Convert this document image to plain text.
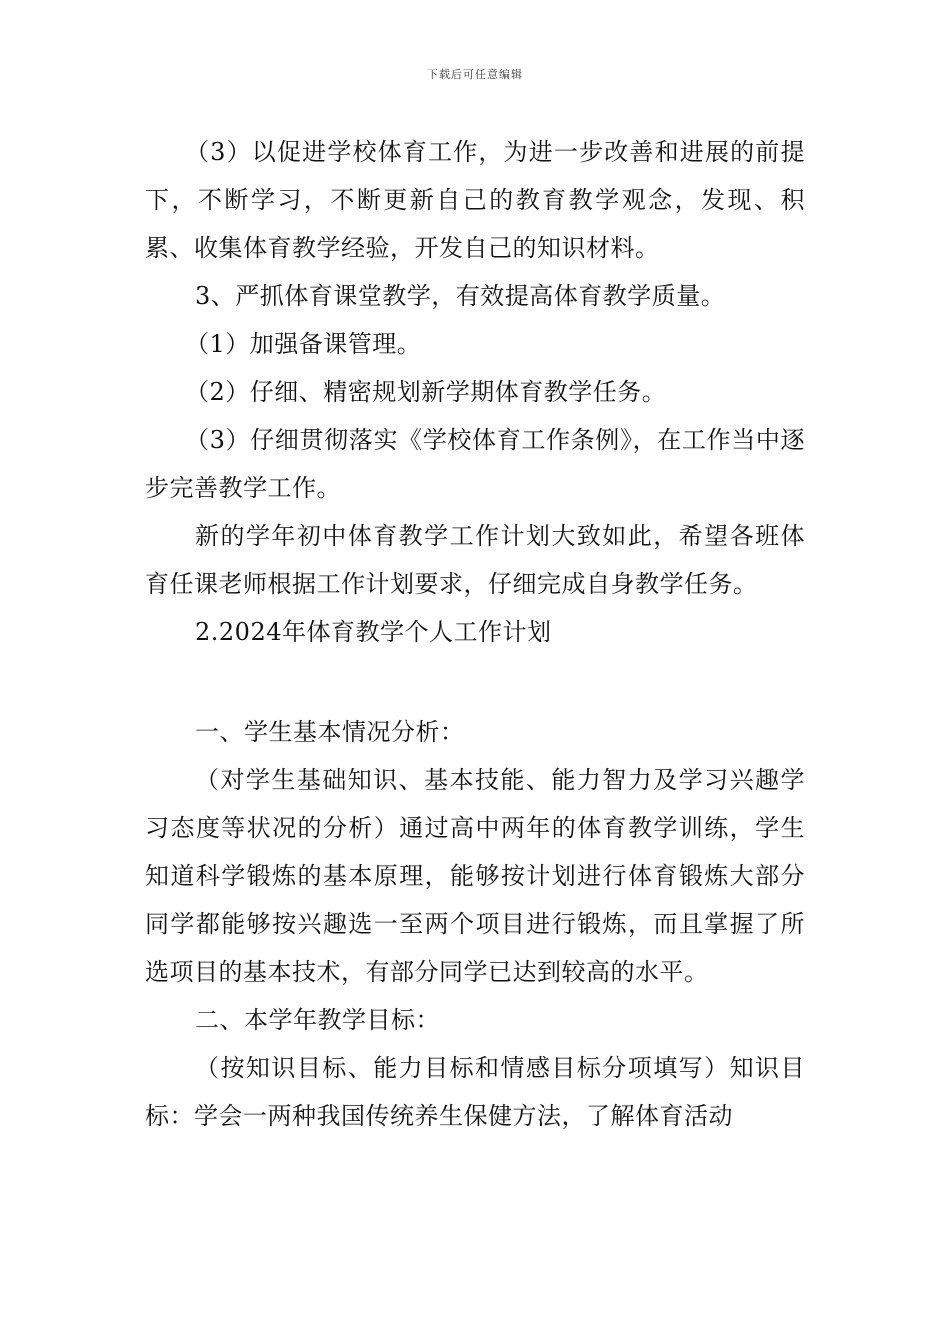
下载后可任意编辑

（3）以促进学校体育工作，为进一步改善和进展的前提下，不断学习，不断更新自己的教育教学观念，发现、积累、收集体育教学经验，开发自己的知识材料。

3、严抓体育课堂教学，有效提高体育教学质量。

（1）加强备课管理。

（2）仔细、精密规划新学期体育教学任务。

（3）仔细贯彻落实《学校体育工作条例》，在工作当中逐步完善教学工作。

新的学年初中体育教学工作计划大致如此，希望各班体育任课老师根据工作计划要求，仔细完成自身教学任务。

2.2024年体育教学个人工作计划

一、学生基本情况分析：

（对学生基础知识、基本技能、能力智力及学习兴趣学习态度等状况的分析）通过高中两年的体育教学训练，学生知道科学锻炼的基本原理，能够按计划进行体育锻炼大部分同学都能够按兴趣选一至两个项目进行锻炼，而且掌握了所选项目的基本技术，有部分同学已达到较高的水平。

二、本学年教学目标：

（按知识目标、能力目标和情感目标分项填写）知识目标：学会一两种我国传统养生保健方法，了解体育活动
